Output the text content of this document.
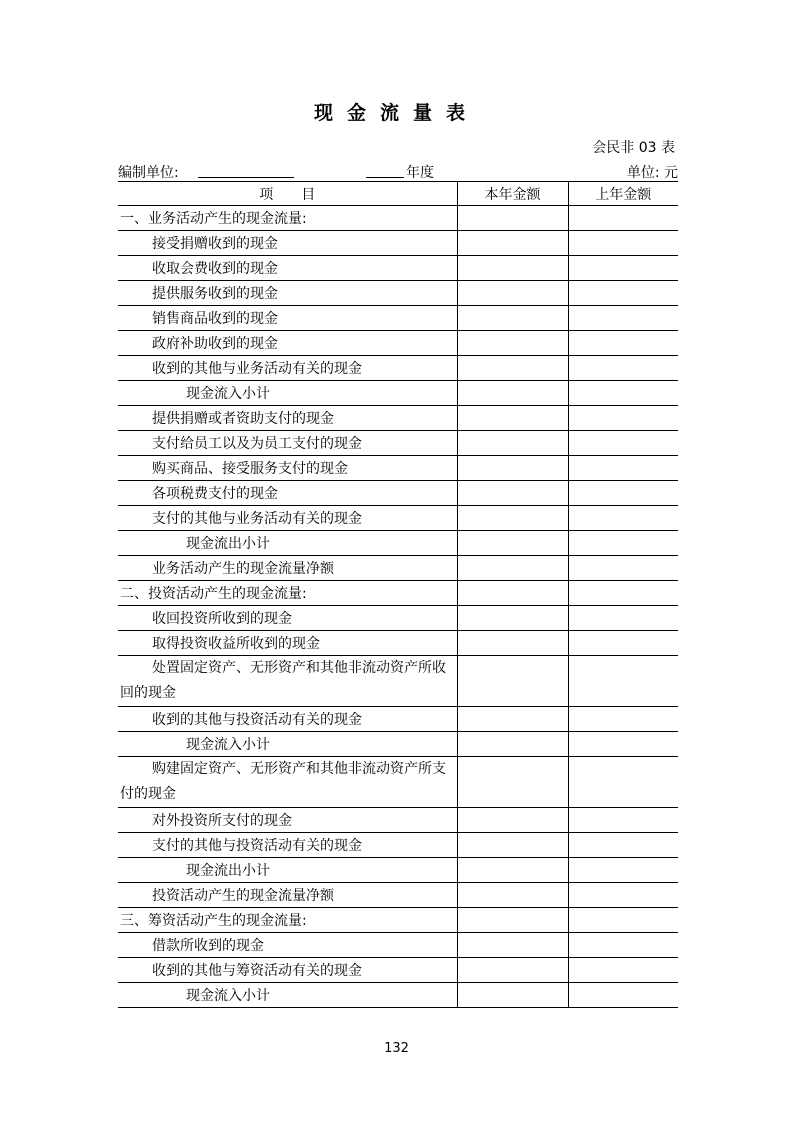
现金流量表
会民非 03 表
编制单位:	年度	单位: 元
项目	本年金额	上年金额
一、业务活动产生的现金流量:		
接受捐赠收到的现金		
收取会费收到的现金		
提供服务收到的现金		
销售商品收到的现金		
政府补助收到的现金		
收到的其他与业务活动有关的现金		
现金流入小计		
提供捐赠或者资助支付的现金		
支付给员工以及为员工支付的现金		
购买商品、接受服务支付的现金		
各项税费支付的现金		
支付的其他与业务活动有关的现金		
现金流出小计		
业务活动产生的现金流量净额		
二、投资活动产生的现金流量:		
收回投资所收到的现金		
取得投资收益所收到的现金		
处置固定资产、无形资产和其他非流动资产所收回的现金		
收到的其他与投资活动有关的现金		
现金流入小计		
购建固定资产、无形资产和其他非流动资产所支付的现金		
对外投资所支付的现金		
支付的其他与投资活动有关的现金		
现金流出小计		
投资活动产生的现金流量净额		
三、筹资活动产生的现金流量:		
借款所收到的现金		
收到的其他与筹资活动有关的现金		
现金流入小计		
132
